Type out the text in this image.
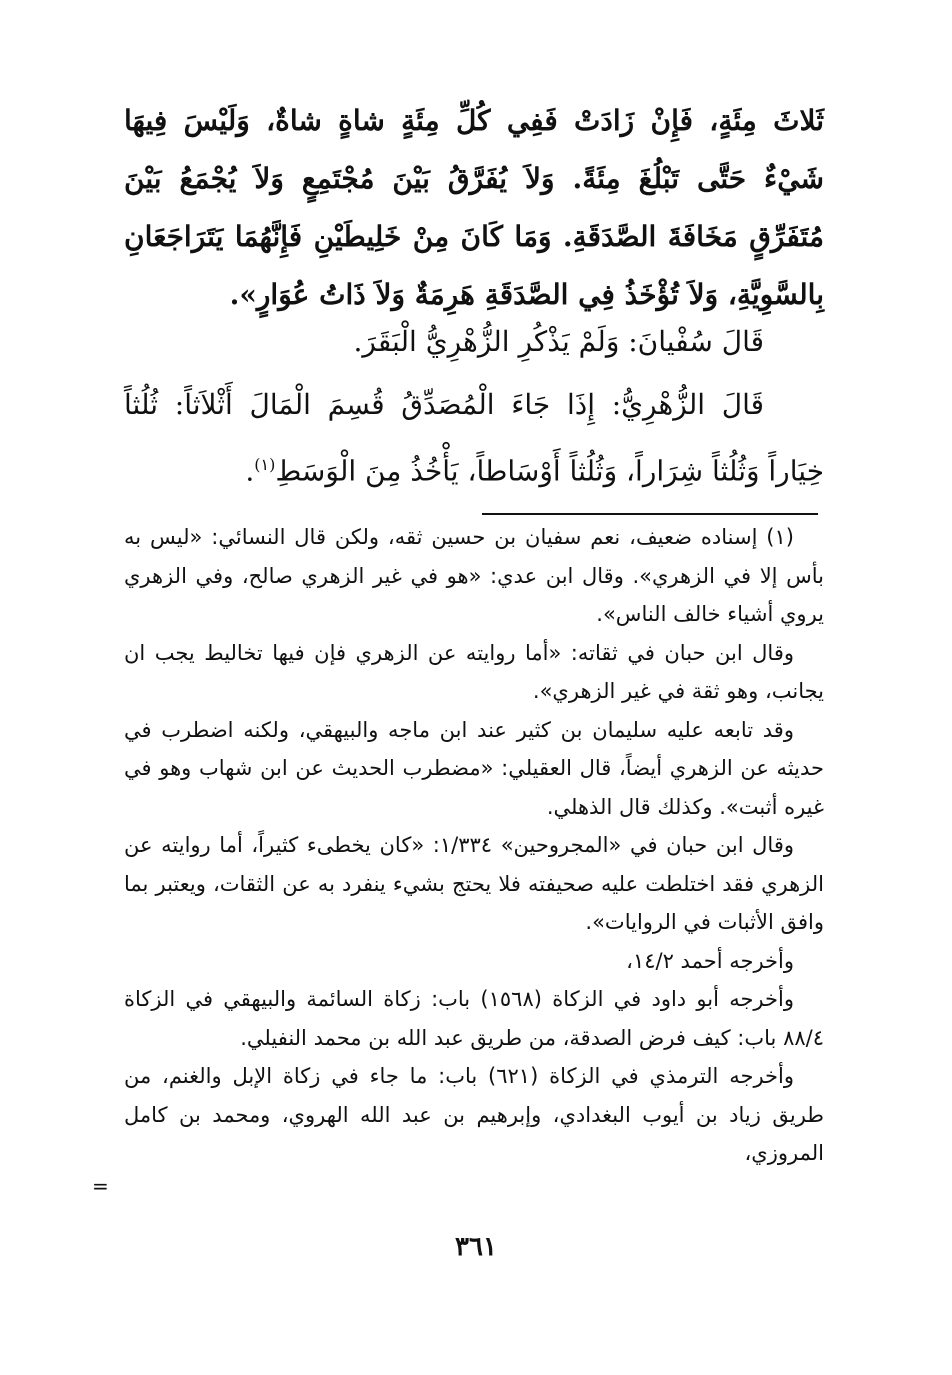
ثَلاثَ مِئَةٍ، فَإِنْ زَادَتْ فَفِي كُلِّ مِئَةٍ شاةٍ شاةٌ، وَلَيْسَ فِيهَا شَيْءٌ حَتَّى تَبْلُغَ مِئَةً. وَلاَ يُفَرَّقُ بَيْنَ مُجْتَمِعٍ وَلاَ يُجْمَعُ بَيْنَ مُتَفَرِّقٍ مَخَافَةَ الصَّدَقَةِ. وَمَا كَانَ مِنْ خَلِيطَيْنِ فَإِنَّهُمَا يَتَرَاجَعَانِ بِالسَّوِيَّةِ، وَلاَ تُؤْخَذُ فِي الصَّدَقَةِ هَرِمَةٌ وَلاَ ذَاتُ عُوَارٍ».

قَالَ سُفْيانَ: وَلَمْ يَذْكُرِ الزُّهْرِيُّ الْبَقَرَ.

قَالَ الزُّهْرِيُّ: إِذَا جَاءَ الْمُصَدِّقُ قُسِمَ الْمَالَ أَثْلاَثاً: ثُلُثاً خِيَاراً وَثُلُثاً شِرَاراً، وَثُلُثاً أَوْسَاطاً، يَأْخُذُ مِنَ الْوَسَطِ$^{(١)}$.

(١) إسناده ضعيف، نعم سفيان بن حسين ثقه، ولكن قال النسائي: «ليس به بأس إلا في الزهري». وقال ابن عدي: «هو في غير الزهري صالح، وفي الزهري يروي أشياء خالف الناس».

وقال ابن حبان في ثقاته: «أما روايته عن الزهري فإن فيها تخاليط يجب ان يجانب، وهو ثقة في غير الزهري».

وقد تابعه عليه سليمان بن كثير عند ابن ماجه والبيهقي، ولكنه اضطرب في حديثه عن الزهري أيضاً، قال العقيلي: «مضطرب الحديث عن ابن شهاب وهو في غيره أثبت». وكذلك قال الذهلي.

وقال ابن حبان في «المجروحين» ١/٣٣٤: «كان يخطىء كثيراً، أما روايته عن الزهري فقد اختلطت عليه صحيفته فلا يحتج بشيء ينفرد به عن الثقات، ويعتبر بما وافق الأثبات في الروايات».

وأخرجه أحمد ١٤/٢،

وأخرجه أبو داود في الزكاة (١٥٦٨) باب: زكاة السائمة والبيهقي في الزكاة ٨٨/٤ باب: كيف فرض الصدقة، من طريق عبد الله بن محمد النفيلي.

وأخرجه الترمذي في الزكاة (٦٢١) باب: ما جاء في زكاة الإبل والغنم، من طريق زياد بن أيوب البغدادي، وإبرهيم بن عبد الله الهروي، ومحمد بن كامل المروزي،

=
٣٦١
